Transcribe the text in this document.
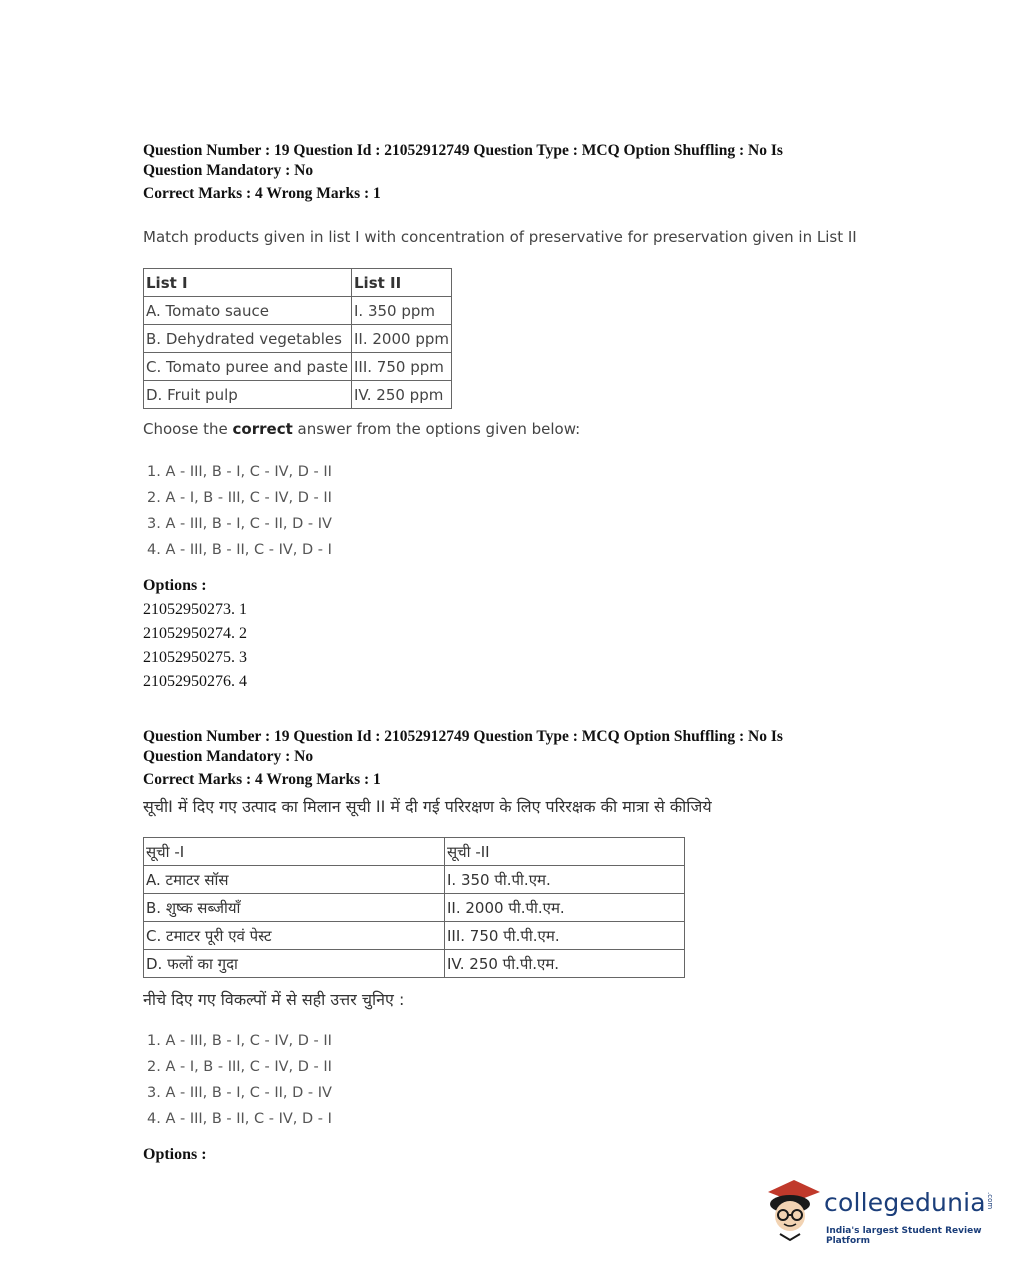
Question Number : 19 Question Id : 21052912749 Question Type : MCQ Option Shuffling : No Is
Question Mandatory : No
Correct Marks : 4 Wrong Marks : 1
Match products given in list I with concentration of preservative for preservation given in List II
List I	List II
A. Tomato sauce	I. 350 ppm
B. Dehydrated vegetables	II. 2000 ppm
C. Tomato puree and paste	III. 750 ppm
D. Fruit pulp	IV. 250 ppm
Choose the correct answer from the options given below:
1. A - III, B - I, C - IV, D - II
2. A - I, B - III, C - IV, D - II
3. A - III, B - I, C - II, D - IV
4. A - III, B - II, C - IV, D - I
Options :
21052950273. 1
21052950274. 2
21052950275. 3
21052950276. 4
Question Number : 19 Question Id : 21052912749 Question Type : MCQ Option Shuffling : No Is
Question Mandatory : No
Correct Marks : 4 Wrong Marks : 1
सूचीI में दिए गए उत्पाद का मिलान सूची II में दी गई परिरक्षण के लिए परिरक्षक की मात्रा से कीजिये
सूची -I	सूची -II
A. टमाटर सॉस	I. 350 पी.पी.एम.
B. शुष्क सब्जीयाँ	II. 2000 पी.पी.एम.
C. टमाटर पूरी एवं पेस्ट	III. 750 पी.पी.एम.
D. फलों का गुदा	IV. 250 पी.पी.एम.
नीचे दिए गए विकल्पों में से सही उत्तर चुनिए :
1. A - III, B - I, C - IV, D - II
2. A - I, B - III, C - IV, D - II
3. A - III, B - I, C - II, D - IV
4. A - III, B - II, C - IV, D - I
Options :
collegedunia .com
India's largest Student Review Platform
